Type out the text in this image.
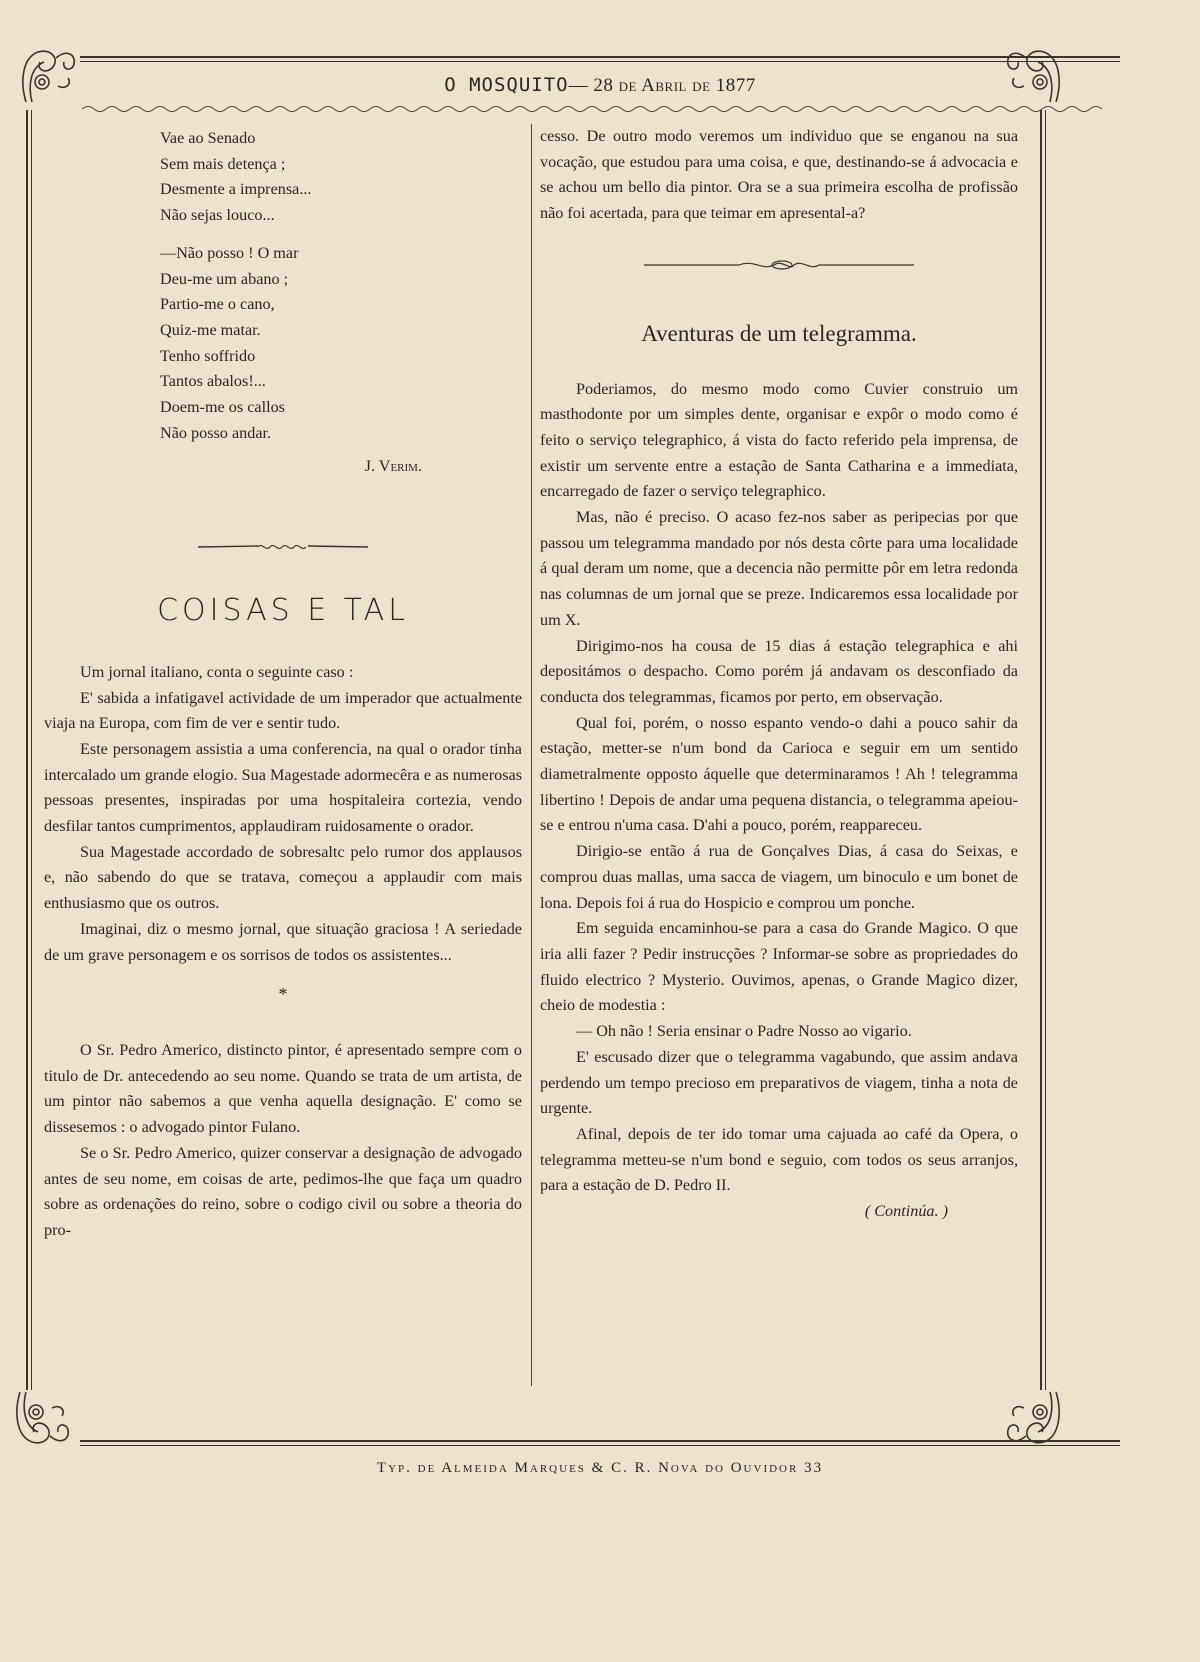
O MOSQUITO— 28 de Abril de 1877

Vae ao Senado

Sem mais detença ;

Desmente a imprensa...

Não sejas louco...

—Não posso ! O mar

Deu-me um abano ;

Partio-me o cano,

Quiz-me matar.

Tenho soffrido

Tantos abalos!...

Doem-me os callos

Não posso andar.

J. Verim.
COISAS E TAL

Um jornal italiano, conta o seguinte caso :

E' sabida a infatigavel actividade de um imperador que actualmente viaja na Europa, com fim de ver e sentir tudo.

Este personagem assistia a uma conferencia, na qual o orador tinha intercalado um grande elogio. Sua Magestade adormecêra e as numerosas pessoas presentes, inspiradas por uma hospitaleira cortezia, vendo desfilar tantos cumprimentos, applaudiram ruidosamente o orador.

Sua Magestade accordado de sobresaltc pelo rumor dos applausos e, não sabendo do que se tratava, começou a applaudir com mais enthusiasmo que os outros.

Imaginai, diz o mesmo jornal, que situação graciosa ! A seriedade de um grave personagem e os sorrisos de todos os assistentes...

*

O Sr. Pedro Americo, distincto pintor, é apresentado sempre com o titulo de Dr. antecedendo ao seu nome. Quando se trata de um artista, de um pintor não sabemos a que venha aquella designação. E' como se dissesemos : o advogado pintor Fulano.

Se o Sr. Pedro Americo, quizer conservar a designação de advogado antes de seu nome, em coisas de arte, pedimos-lhe que faça um quadro sobre as ordenações do reino, sobre o codigo civil ou sobre a theoria do pro-

cesso. De outro modo veremos um individuo que se enganou na sua vocação, que estudou para uma coisa, e que, destinando-se á advocacia e se achou um bello dia pintor. Ora se a sua primeira escolha de profissão não foi acertada, para que teimar em apresental-a?

Aventuras de um telegramma.

Poderiamos, do mesmo modo como Cuvier construio um masthodonte por um simples dente, organisar e expôr o modo como é feito o serviço telegraphico, á vista do facto referido pela imprensa, de existir um servente entre a estação de Santa Catharina e a immediata, encarregado de fazer o serviço telegraphico.

Mas, não é preciso. O acaso fez-nos saber as peripecias por que passou um telegramma mandado por nós desta côrte para uma localidade á qual deram um nome, que a decencia não permitte pôr em letra redonda nas columnas de um jornal que se preze. Indicaremos essa localidade por um X.

Dirigimo-nos ha cousa de 15 dias á estação telegraphica e ahi depositámos o despacho. Como porém já andavam os desconfiado da conducta dos telegrammas, ficamos por perto, em observação.

Qual foi, porém, o nosso espanto vendo-o dahi a pouco sahir da estação, metter-se n'um bond da Carioca e seguir em um sentido diametralmente opposto áquelle que determinaramos ! Ah ! telegramma libertino ! Depois de andar uma pequena distancia, o telegramma apeiou-se e entrou n'uma casa. D'ahi a pouco, porém, reappareceu.

Dirigio-se então á rua de Gonçalves Dias, á casa do Seixas, e comprou duas mallas, uma sacca de viagem, um binoculo e um bonet de lona. Depois foi á rua do Hospicio e comprou um ponche.

Em seguida encaminhou-se para a casa do Grande Magico. O que iria alli fazer ? Pedir instrucções ? Informar-se sobre as propriedades do fluido electrico ? Mysterio. Ouvimos, apenas, o Grande Magico dizer, cheio de modestia :

— Oh não ! Seria ensinar o Padre Nosso ao vigario.

E' escusado dizer que o telegramma vagabundo, que assim andava perdendo um tempo precioso em preparativos de viagem, tinha a nota de urgente.

Afinal, depois de ter ido tomar uma cajuada ao café da Opera, o telegramma metteu-se n'um bond e seguio, com todos os seus arranjos, para a estação de D. Pedro II.

( Continúa. )
Typ. de Almeida Marques & C. R. Nova do Ouvidor 33
